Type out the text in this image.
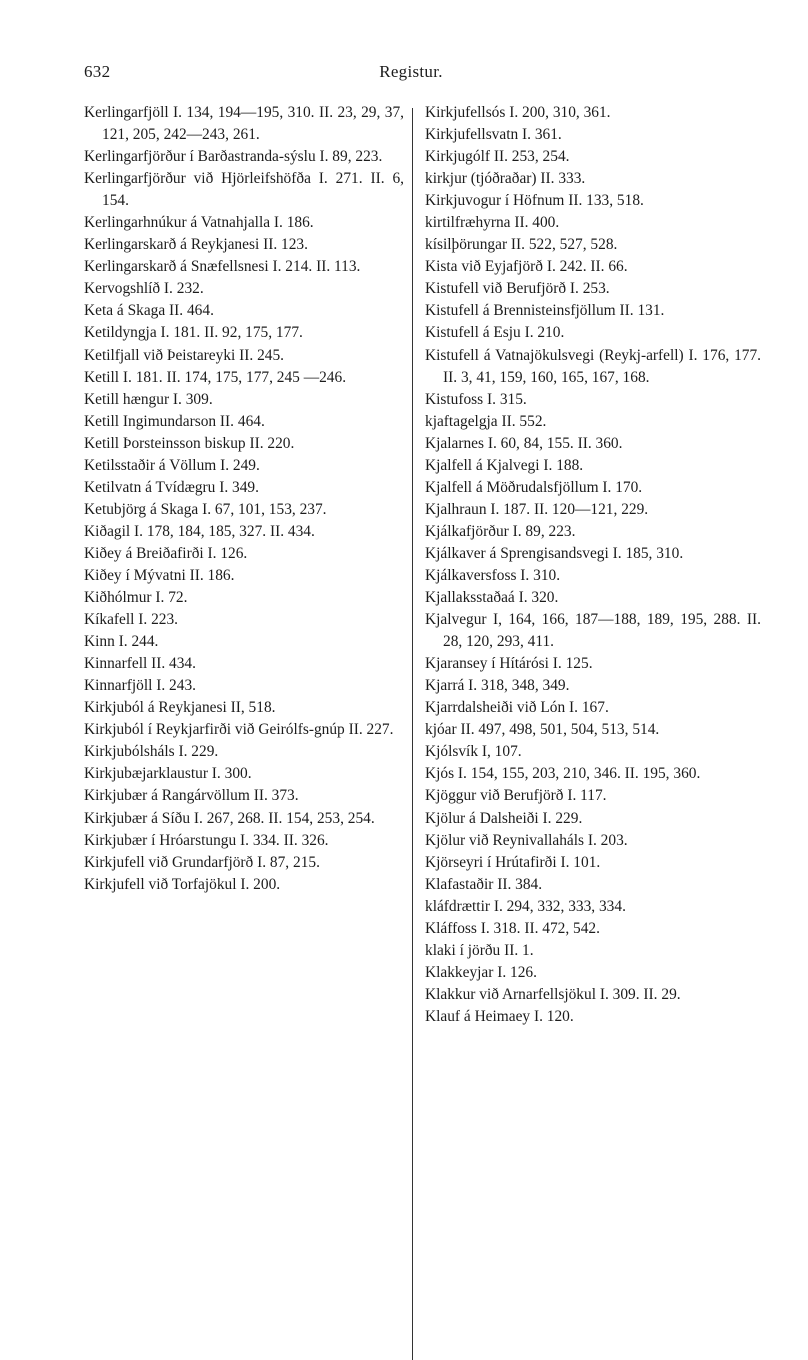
632	Registur.
Kerlingarfjöll I. 134, 194—195, 310. II. 23, 29, 37, 121, 205, 242—243, 261.
Kerlingarfjörður í Barðastranda-sýslu I. 89, 223.
Kerlingarfjörður við Hjörleifshöfða I. 271. II. 6, 154.
Kerlingarhnúkur á Vatnahjalla I. 186.
Kerlingarskarð á Reykjanesi II. 123.
Kerlingarskarð á Snæfellsnesi I. 214. II. 113.
Kervogshlíð I. 232.
Keta á Skaga II. 464.
Ketildyngja I. 181. II. 92, 175, 177.
Ketilfjall við Þeistareyki II. 245.
Ketill I. 181. II. 174, 175, 177, 245 —246.
Ketill hængur I. 309.
Ketill Ingimundarson II. 464.
Ketill Þorsteinsson biskup II. 220.
Ketilsstaðir á Völlum I. 249.
Ketilvatn á Tvídægru I. 349.
Ketubjörg á Skaga I. 67, 101, 153, 237.
Kiðagil I. 178, 184, 185, 327. II. 434.
Kiðey á Breiðafirði I. 126.
Kiðey í Mývatni II. 186.
Kiðhólmur I. 72.
Kíkafell I. 223.
Kinn I. 244.
Kinnarfell II. 434.
Kinnarfjöll I. 243.
Kirkjuból á Reykjanesi II, 518.
Kirkjuból í Reykjarfirði við Geirólfs-gnúp II. 227.
Kirkjubólsháls I. 229.
Kirkjubæjarklaustur I. 300.
Kirkjubær á Rangárvöllum II. 373.
Kirkjubær á Síðu I. 267, 268. II. 154, 253, 254.
Kirkjubær í Hróarstungu I. 334. II. 326.
Kirkjufell við Grundarfjörð I. 87, 215.
Kirkjufell við Torfajökul I. 200.
Kirkjufellsós I. 200, 310, 361.
Kirkjufellsvatn I. 361.
Kirkjugólf II. 253, 254.
kirkjur (tjóðraðar) II. 333.
Kirkjuvogur í Höfnum II. 133, 518.
kirtilfræhyrna II. 400.
kísilþörungar II. 522, 527, 528.
Kista við Eyjafjörð I. 242. II. 66.
Kistufell við Berufjörð I. 253.
Kistufell á Brennisteinsfjöllum II. 131.
Kistufell á Esju I. 210.
Kistufell á Vatnajökulsvegi (Reykj-arfell) I. 176, 177. II. 3, 41, 159, 160, 165, 167, 168.
Kistufoss I. 315.
kjaftagelgja II. 552.
Kjalarnes I. 60, 84, 155. II. 360.
Kjalfell á Kjalvegi I. 188.
Kjalfell á Möðrudalsfjöllum I. 170.
Kjalhraun I. 187. II. 120—121, 229.
Kjálkafjörður I. 89, 223.
Kjálkaver á Sprengisandsvegi I. 185, 310.
Kjálkaversfoss I. 310.
Kjallaksstaðaá I. 320.
Kjalvegur I, 164, 166, 187—188, 189, 195, 288. II. 28, 120, 293, 411.
Kjaransey í Hítárósi I. 125.
Kjarrá I. 318, 348, 349.
Kjarrdalsheiði við Lón I. 167.
kjóar II. 497, 498, 501, 504, 513, 514.
Kjólsvík I, 107.
Kjós I. 154, 155, 203, 210, 346. II. 195, 360.
Kjöggur við Berufjörð I. 117.
Kjölur á Dalsheiði I. 229.
Kjölur við Reynivallaháls I. 203.
Kjörseyri í Hrútafirði I. 101.
Klafastaðir II. 384.
kláfdrættir I. 294, 332, 333, 334.
Kláffoss I. 318. II. 472, 542.
klaki í jörðu II. 1.
Klakkeyjar I. 126.
Klakkur við Arnarfellsjökul I. 309. II. 29.
Klauf á Heimaey I. 120.
